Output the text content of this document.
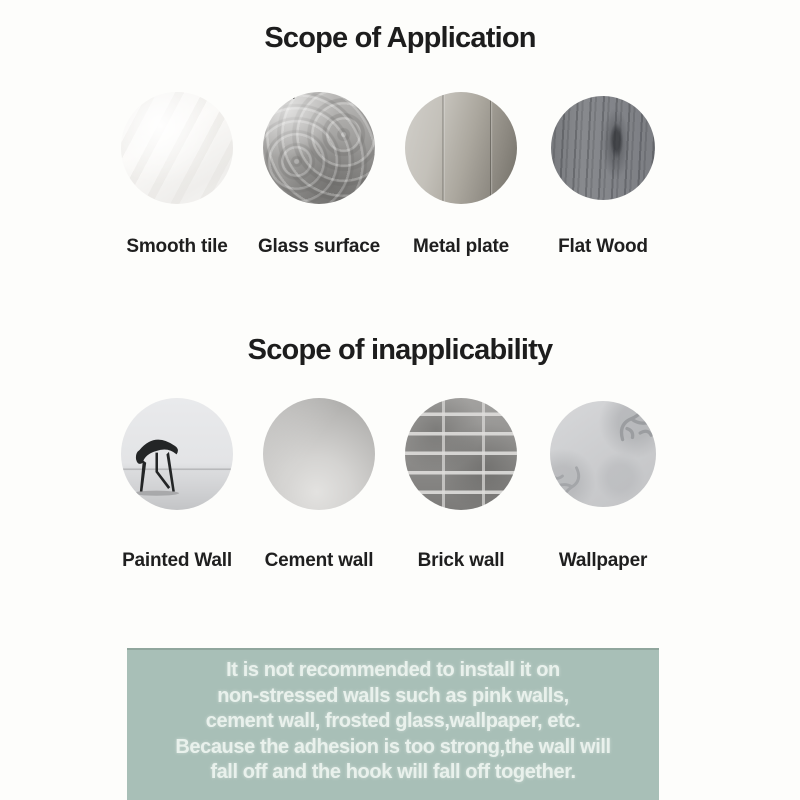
Scope of Application
Smooth tile Glass surface Metal plate	Flat Wood
Scope of inapplicability
Painted Wall Cement wall Brick wall	Wallpaper
It is not recommended to install it on
non-stressed walls such as pink walls,
cement wall, frosted glass,wallpaper, etc.
Because the adhesion is too strong,the wall will
fall off and the hook will fall off together.
